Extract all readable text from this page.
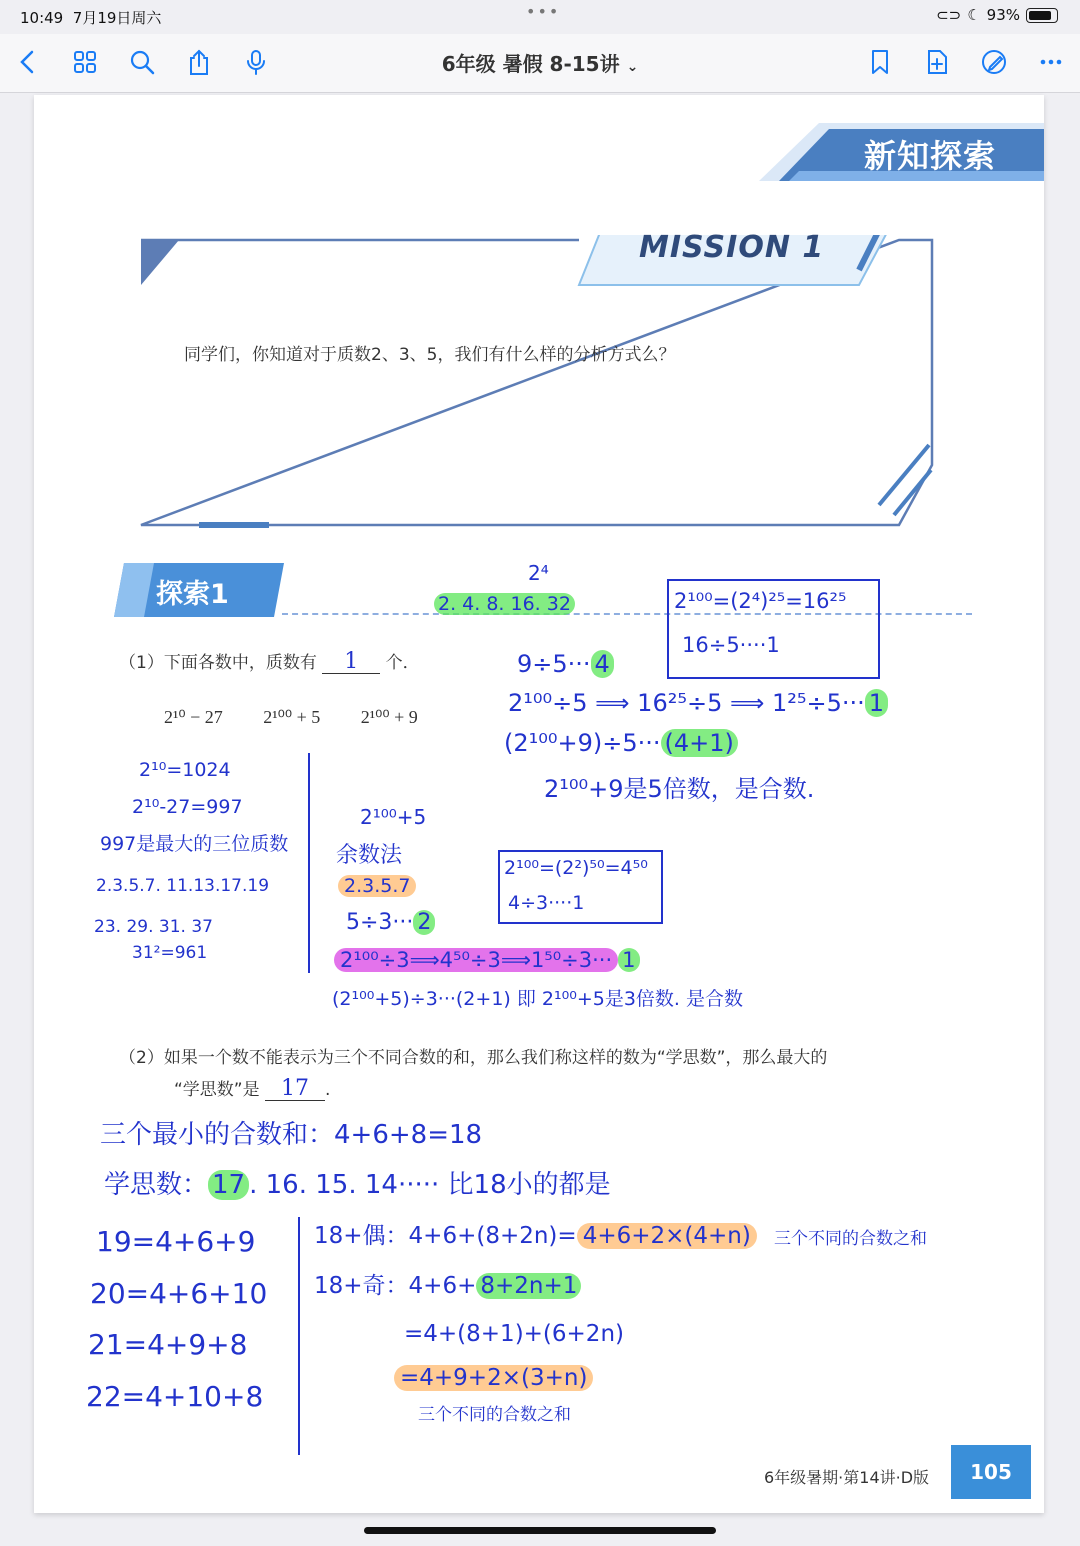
10:49 7月19日周六	•••	⊂⊃ ☾ 93%
6年级 暑假 8-15讲 ⌄
新知探索
MISSION 1
同学们，你知道对于质数2、3、5，我们有什么样的分析方式么？
探索1
（1）下面各数中，质数有 1 个．
2¹⁰ − 27 2¹⁰⁰ + 5 2¹⁰⁰ + 9
（2）如果一个数不能表示为三个不同合数的和，那么我们称这样的数为“学思数”，那么最大的
“学思数”是 17 .
2⁴
2. 4. 8. 16. 32	2¹⁰⁰=(2⁴)²⁵=16²⁵
16÷5····1
9÷5··· 4
2¹⁰⁰÷5 ⟹ 16²⁵÷5 ⟹ 1²⁵÷5··· 1
(2¹⁰⁰+9)÷5··· (4+1)
2¹⁰⁰+9是5倍数，是合数.
2¹⁰=1024
2¹⁰-27=997
997是最大的三位质数
2.3.5.7. 11.13.17.19
23. 29. 31. 37
31²=961
2¹⁰⁰+5
余数法
2.3.5.7
5÷3··· 2
2¹⁰⁰=(2²)⁵⁰=4⁵⁰
4÷3····1
2¹⁰⁰÷3⟹4⁵⁰÷3⟹1⁵⁰÷3··· 1
(2¹⁰⁰+5)÷3···(2+1) 即 2¹⁰⁰+5是3倍数. 是合数
三个最小的合数和：4+6+8=18
学思数： 17 . 16. 15. 14····· 比18小的都是
19=4+6+9
20=4+6+10
21=4+9+8
22=4+10+8
18+偶：4+6+(8+2n)= 4+6+2×(4+n)	三个不同的合数之和
18+奇：4+6+ 8+2n+1
=4+(8+1)+(6+2n)
=4+9+2×(3+n)
三个不同的合数之和
6年级暑期·第14讲·D版	105
